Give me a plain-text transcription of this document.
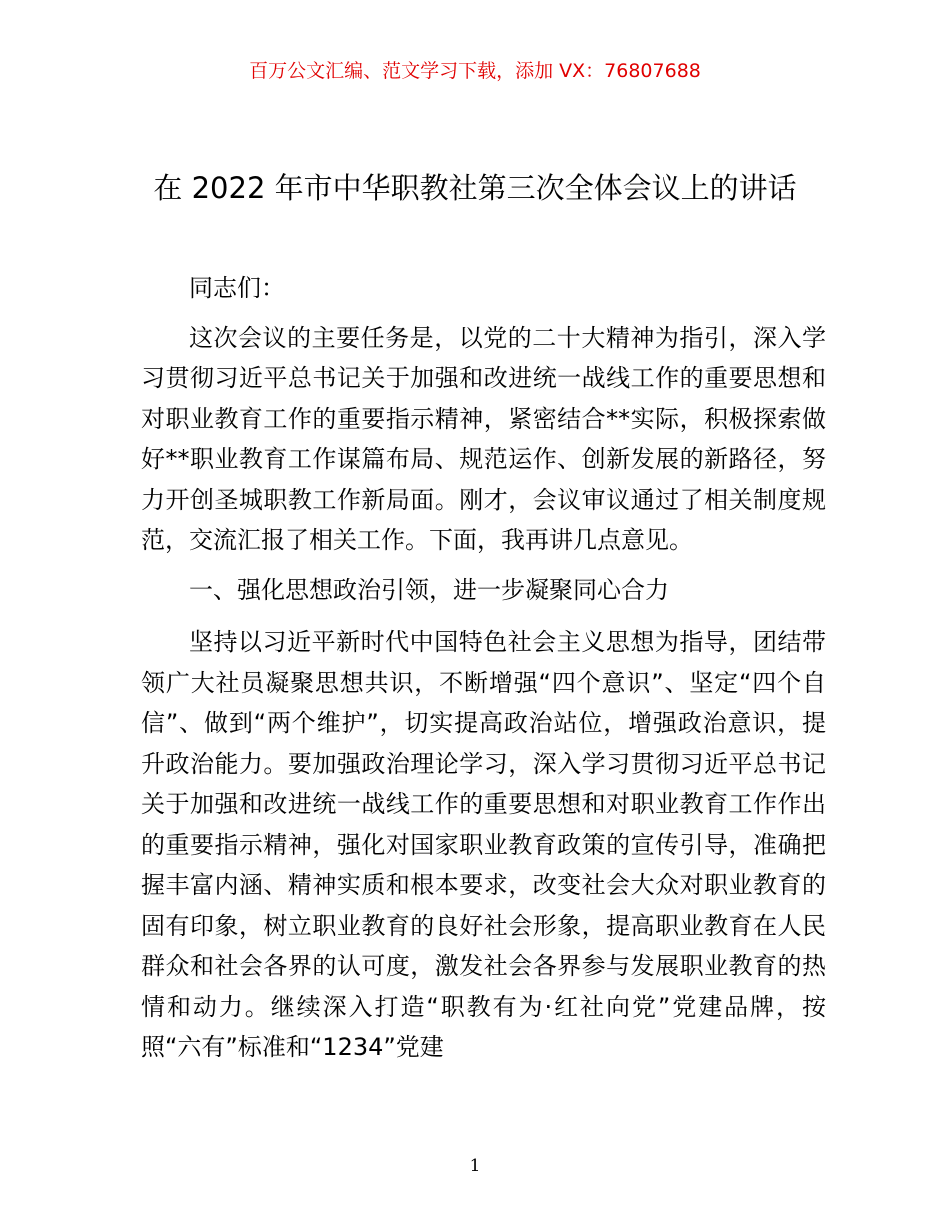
百万公文汇编、范文学习下载，添加 VX：76807688
在 2022 年市中华职教社第三次全体会议上的讲话

同志们：

这次会议的主要任务是，以党的二十大精神为指引，深入学习贯彻习近平总书记关于加强和改进统一战线工作的重要思想和对职业教育工作的重要指示精神，紧密结合**实际，积极探索做好**职业教育工作谋篇布局、规范运作、创新发展的新路径，努力开创圣城职教工作新局面。刚才，会议审议通过了相关制度规范，交流汇报了相关工作。下面，我再讲几点意见。

一、强化思想政治引领，进一步凝聚同心合力

坚持以习近平新时代中国特色社会主义思想为指导，团结带领广大社员凝聚思想共识，不断增强“四个意识”、坚定“四个自信”、做到“两个维护”，切实提高政治站位，增强政治意识，提升政治能力。要加强政治理论学习，深入学习贯彻习近平总书记关于加强和改进统一战线工作的重要思想和对职业教育工作作出的重要指示精神，强化对国家职业教育政策的宣传引导，准确把握丰富内涵、精神实质和根本要求，改变社会大众对职业教育的固有印象，树立职业教育的良好社会形象，提高职业教育在人民群众和社会各界的认可度，激发社会各界参与发展职业教育的热情和动力。继续深入打造“职教有为·红社向党”党建品牌，按照“六有”标准和“1234”党建

1
